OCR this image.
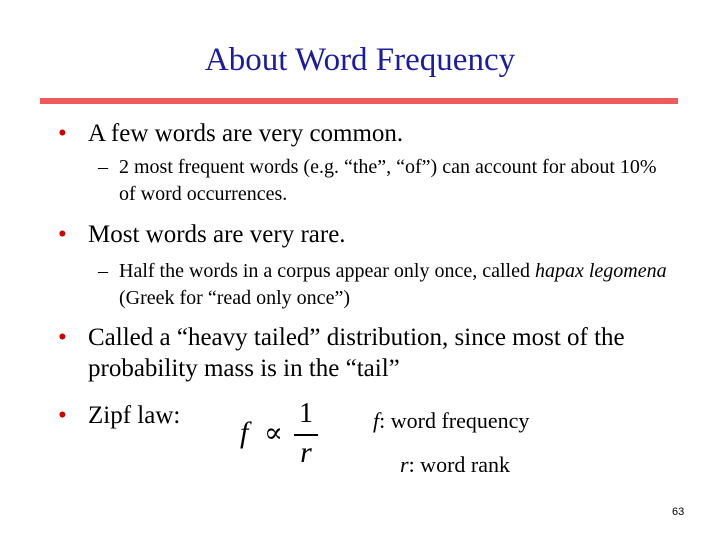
About Word Frequency
• A few words are very common.
– 2 most frequent words (e.g. “the”, “of”) can account for about 10% of word occurrences.
• Most words are very rare.
– Half the words in a corpus appear only once, called hapax legomena (Greek for “read only once”)
• Called a “heavy tailed” distribution, since most of the probability mass is in the “tail”
• Zipf law:
f ∝
1
r
f: word frequency
r: word rank
63
